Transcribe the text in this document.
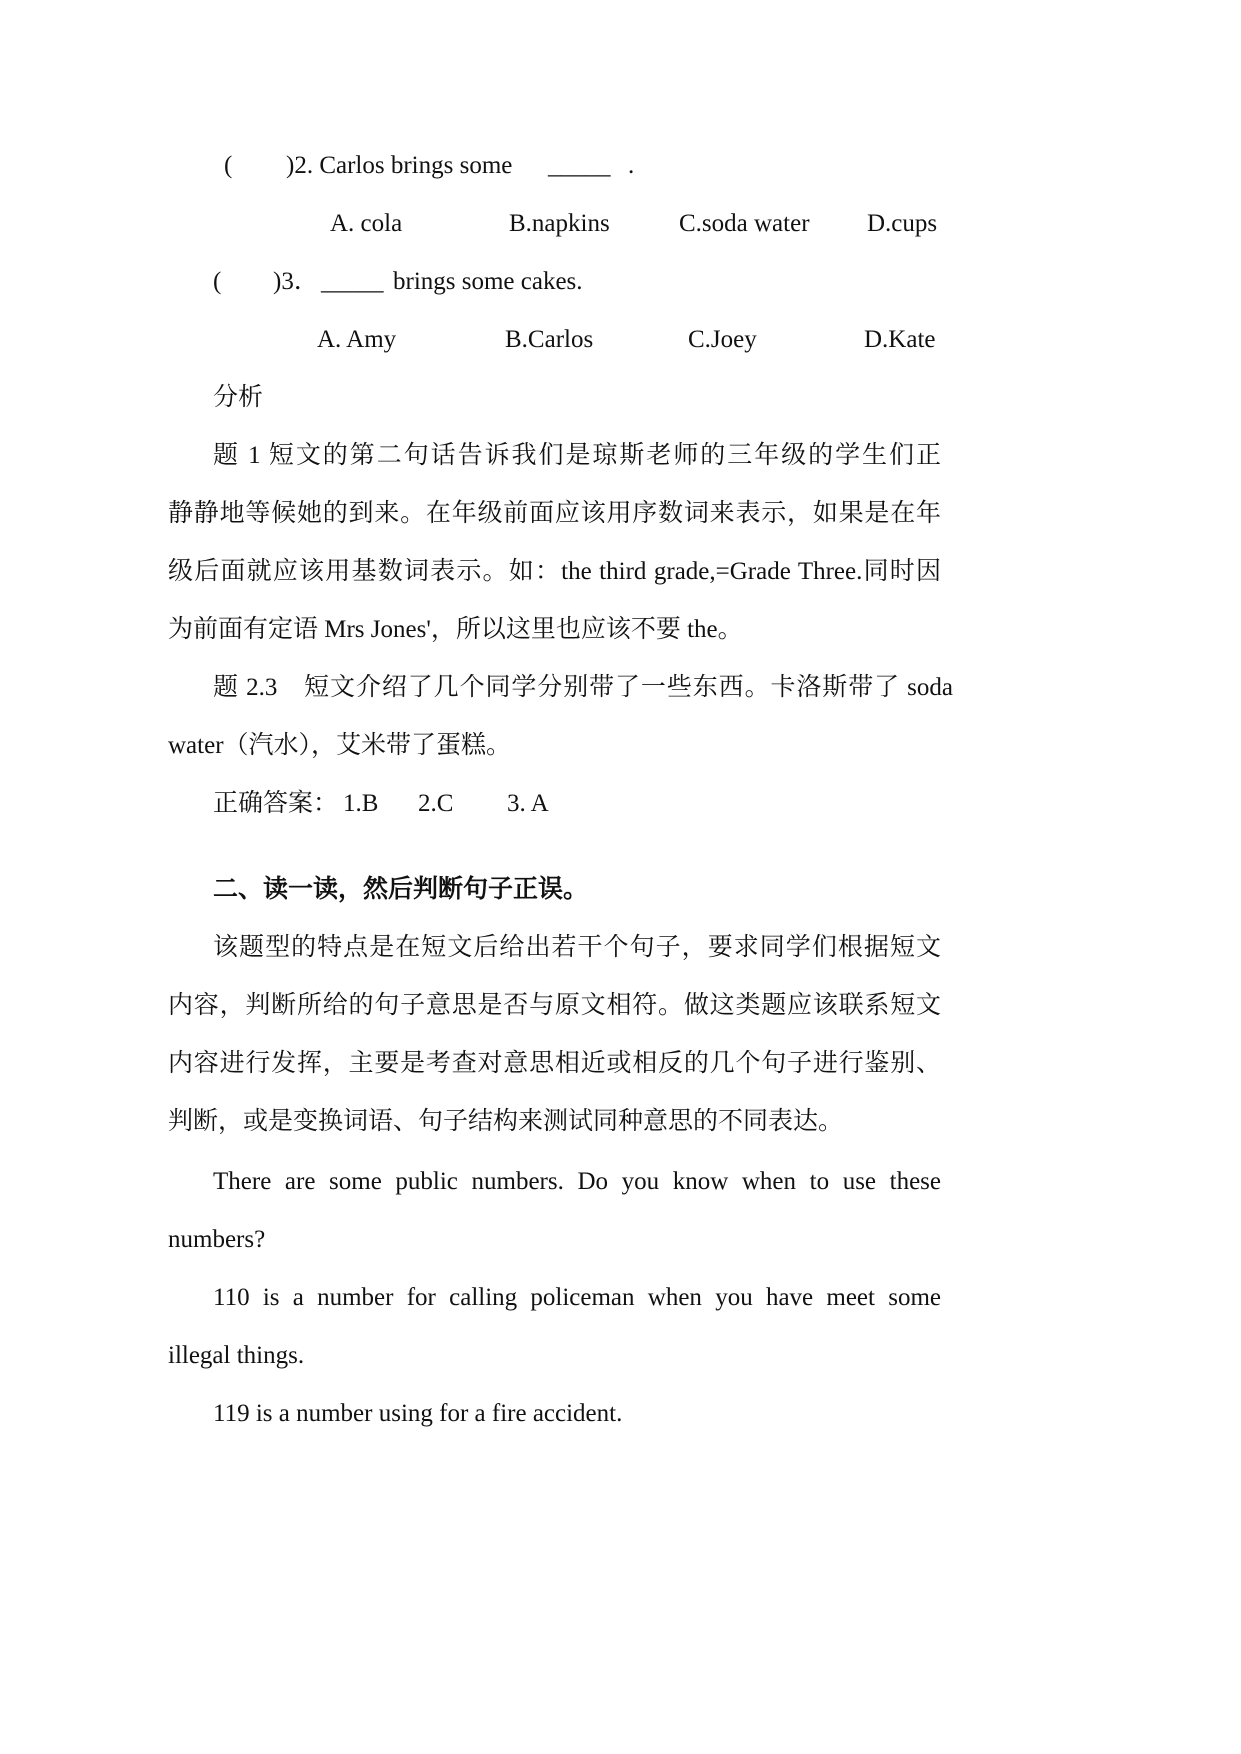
( )2. Carlos brings some _____ .
A. cola	B.napkins	C.soda water D.cups
( )3． _____ brings some cakes.
A. Amy	B.Carlos	C.Joey	D.Kate
分析
题 1 短文的第二句话告诉我们是琼斯老师的三年级的学生们正
静静地等候她的到来。在年级前面应该用序数词来表示，如果是在年
级后面就应该用基数词表示。如：the third grade,=Grade Three.同时因
为前面有定语 Mrs Jones'，所以这里也应该不要 the。
题 2.3　短文介绍了几个同学分别带了一些东西。卡洛斯带了 soda
water（汽水），艾米带了蛋糕。
正确答案： 1.B 2.C 3. A
二、读一读，然后判断句子正误。
该题型的特点是在短文后给出若干个句子，要求同学们根据短文
内容，判断所给的句子意思是否与原文相符。做这类题应该联系短文
内容进行发挥，主要是考查对意思相近或相反的几个句子进行鉴别、
判断，或是变换词语、句子结构来测试同种意思的不同表达。
There are some public numbers. Do you know when to use these
numbers?
110 is a number for calling policeman when you have meet some
illegal things.
119 is a number using for a fire accident.
